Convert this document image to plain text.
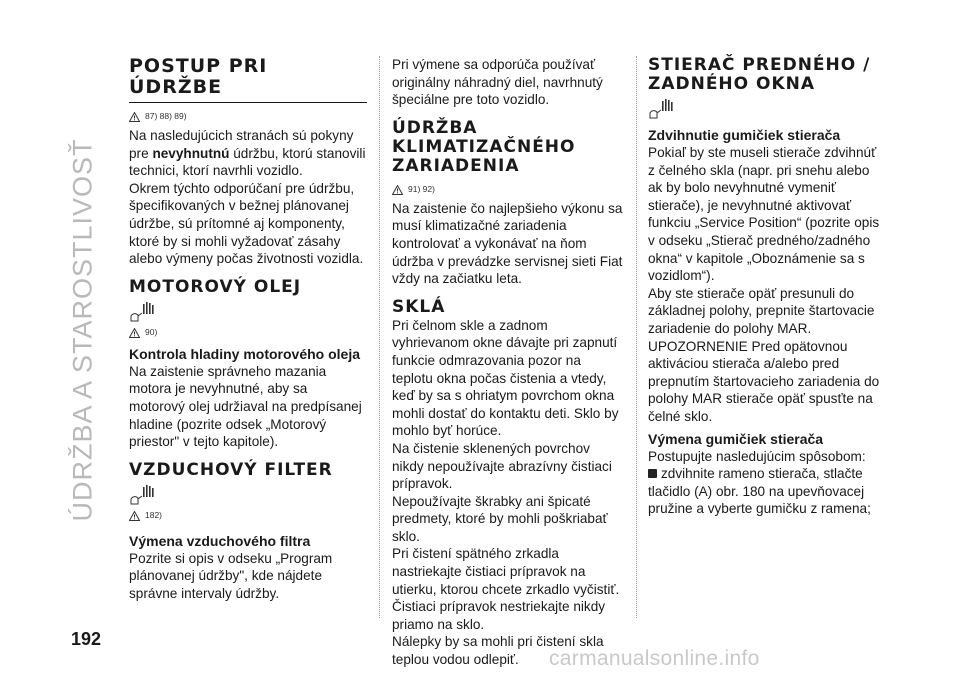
ÚDRŽBA A STAROSTLIVOSŤ
POSTUP PRI ÚDRŽBE
87) 88) 89)

Na nasledujúcich stranách sú pokyny pre nevyhnutnú údržbu, ktorú stanovili technici, ktorí navrhli vozidlo.

Okrem týchto odporúčaní pre údržbu, špecifikovaných v bežnej plánovanej údržbe, sú prítomné aj komponenty, ktoré by si mohli vyžadovať zásahy alebo výmeny počas životnosti vozidla.

MOTOROVÝ OLEJ
90)
Kontrola hladiny motorového oleja

Na zaistenie správneho mazania motora je nevyhnutné, aby sa motorový olej udržiaval na predpísanej hladine (pozrite odsek „Motorový priestor" v tejto kapitole).

VZDUCHOVÝ FILTER
182)
Výmena vzduchového filtra

Pozrite si opis v odseku „Program plánovanej údržby", kde nájdete správne intervaly údržby.

Pri výmene sa odporúča používať originálny náhradný diel, navrhnutý špeciálne pre toto vozidlo.

ÚDRŽBA KLIMATIZAČNÉHO ZARIADENIA
91) 92)

Na zaistenie čo najlepšieho výkonu sa musí klimatizačné zariadenia kontrolovať a vykonávať na ňom údržba v prevádzke servisnej sieti Fiat vždy na začiatku leta.

SKLÁ

Pri čelnom skle a zadnom vyhrievanom okne dávajte pri zapnutí funkcie odmrazovania pozor na teplotu okna počas čistenia a vtedy, keď by sa s ohriatym povrchom okna mohli dostať do kontaktu deti. Sklo by mohlo byť horúce.

Na čistenie sklenených povrchov nikdy nepoužívajte abrazívny čistiaci prípravok.

Nepoužívajte škrabky ani špicaté predmety, ktoré by mohli poškriabať sklo.

Pri čistení spätného zrkadla nastriekajte čistiaci prípravok na utierku, ktorou chcete zrkadlo vyčistiť. Čistiaci prípravok nestriekajte nikdy priamo na sklo.

Nálepky by sa mohli pri čistení skla teplou vodou odlepiť.

STIERAČ PREDNÉHO / ZADNÉHO OKNA
Zdvihnutie gumičiek stierača

Pokiaľ by ste museli stierače zdvihnúť z čelného skla (napr. pri snehu alebo ak by bolo nevyhnutné vymeniť stierače), je nevyhnutné aktivovať funkciu „Service Position“ (pozrite opis v odseku „Stierač predného/zadného okna“ v kapitole „Oboznámenie sa s vozidlom“).

Aby ste stierače opäť presunuli do základnej polohy, prepnite štartovacie zariadenie do polohy MAR.

UPOZORNENIE Pred opätovnou aktiváciou stierača a/alebo pred prepnutím štartovacieho zariadenia do polohy MAR stierače opäť spusťte na čelné sklo.

Výmena gumičiek stierača

Postupujte nasledujúcim spôsobom:

zdvihnite rameno stierača, stlačte tlačidlo (A) obr. 180 na upevňovacej pružine a vyberte gumičku z ramena;

192
carmanualsonline.info
